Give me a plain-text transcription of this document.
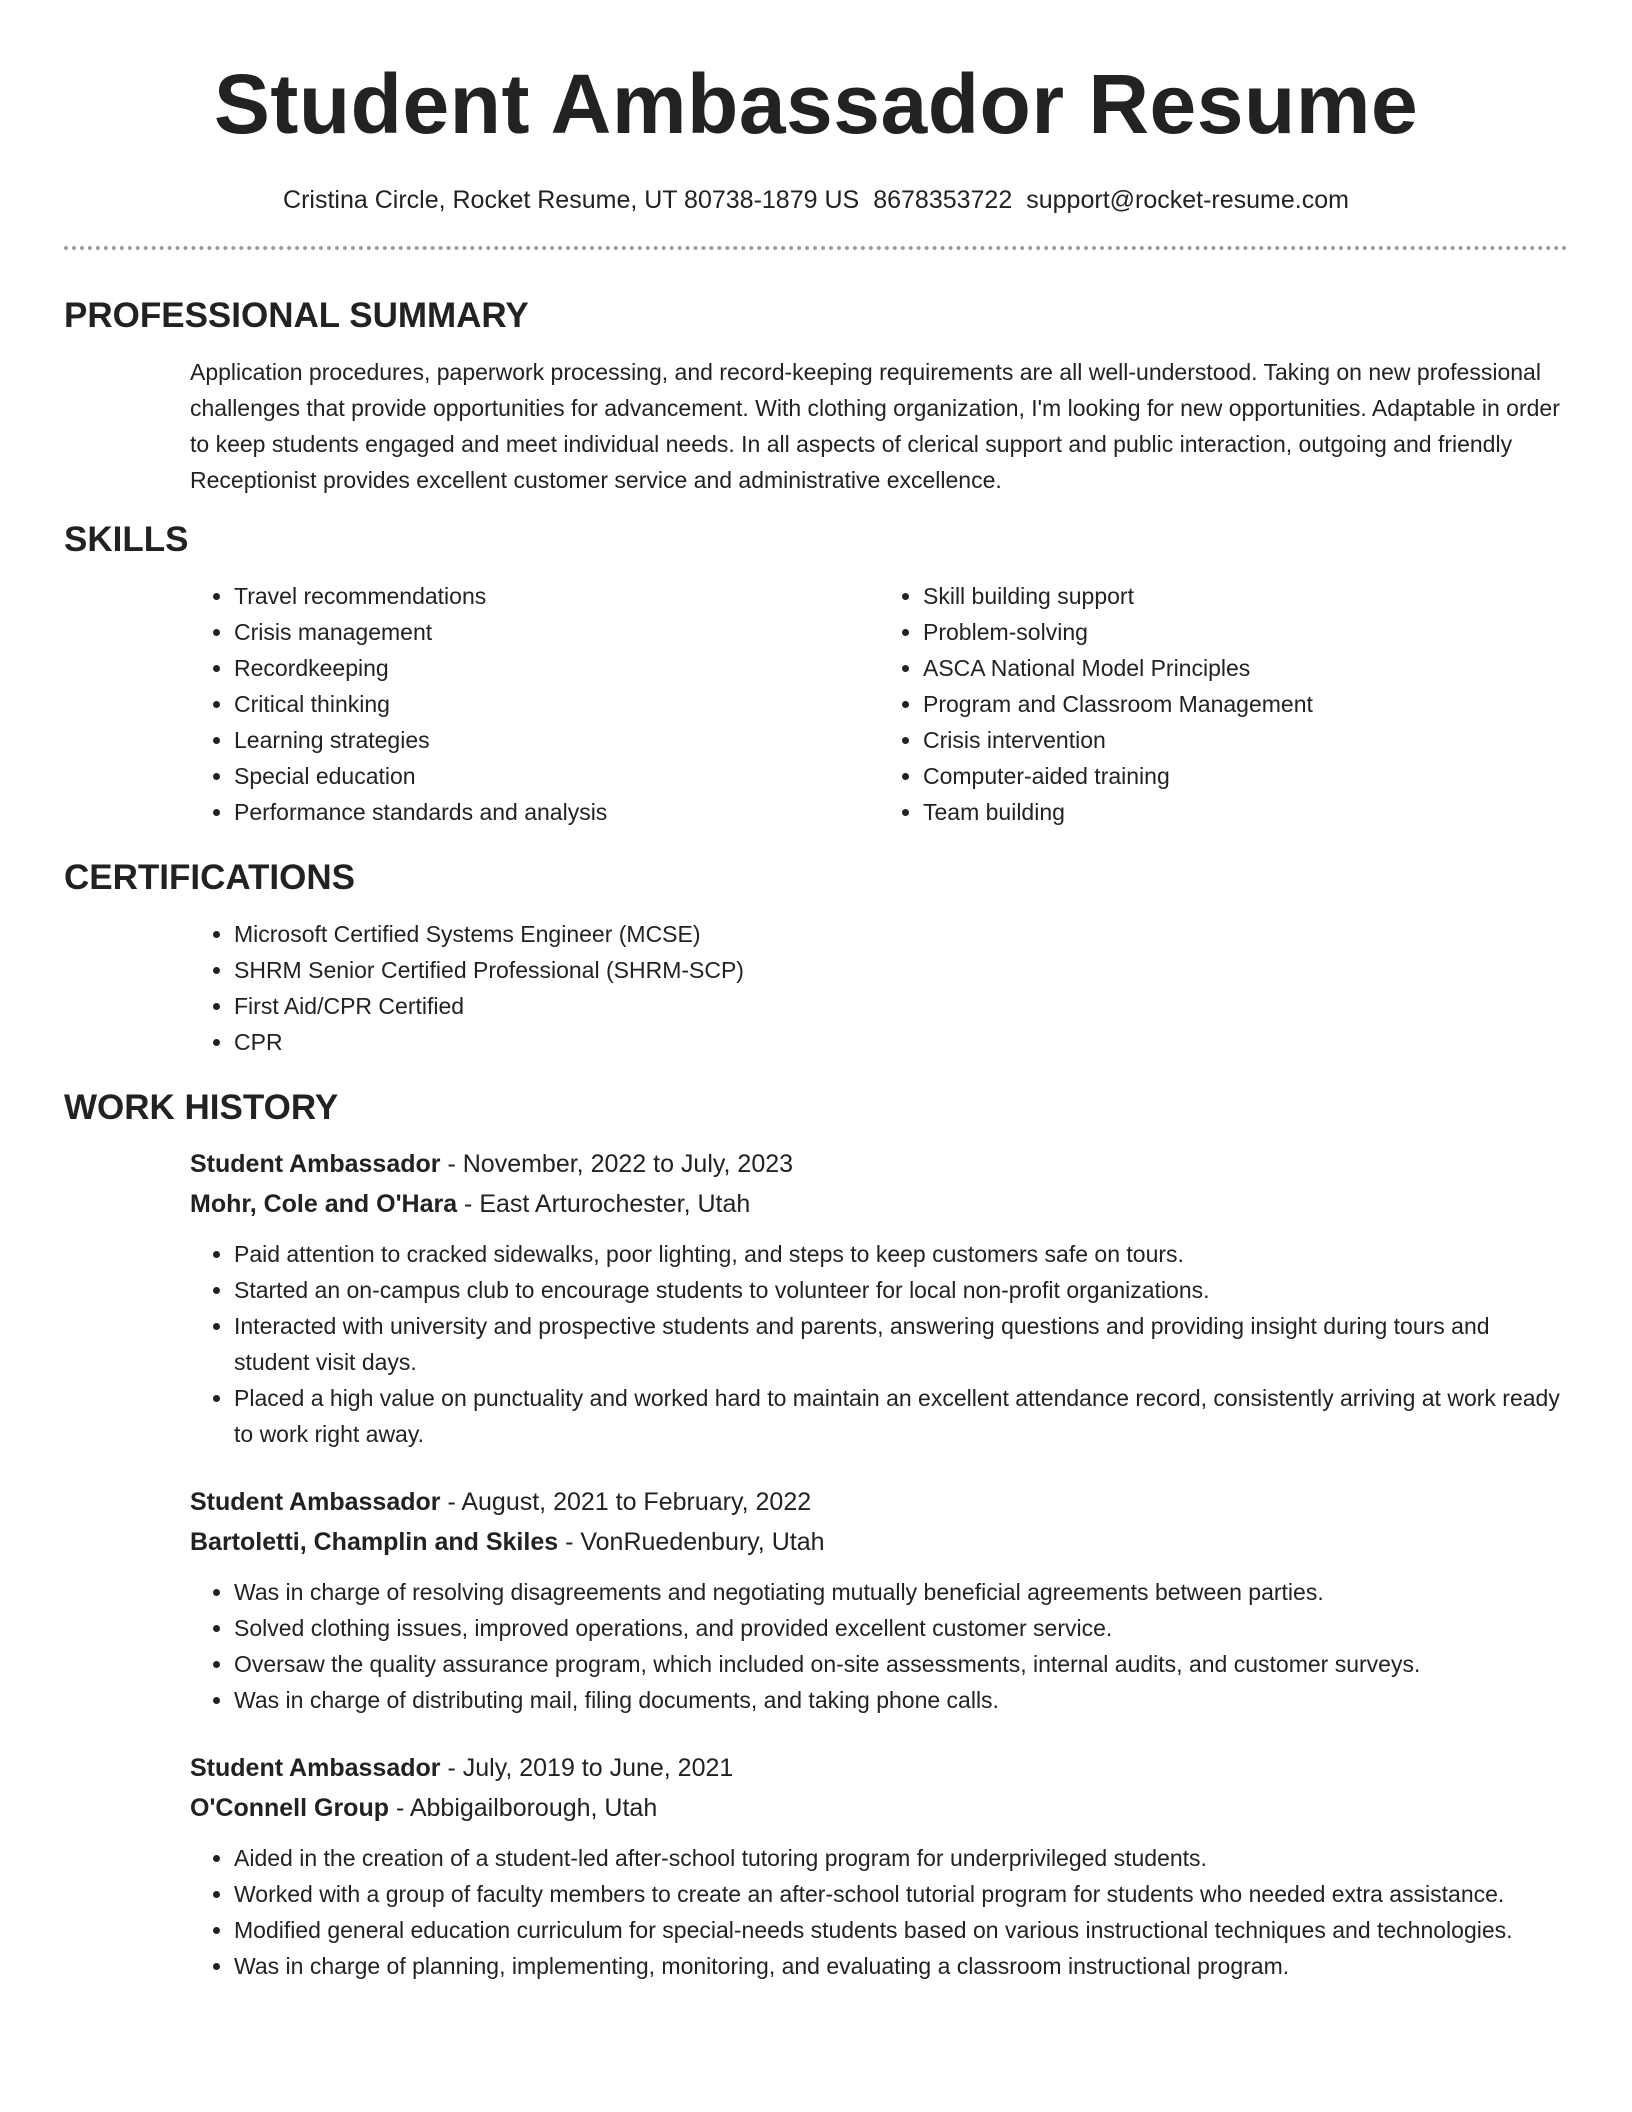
Student Ambassador Resume
Cristina Circle, Rocket Resume, UT 80738-1879 US 8678353722 support@rocket-resume.com
PROFESSIONAL SUMMARY

Application procedures, paperwork processing, and record-keeping requirements are all well-understood. Taking on new professional challenges that provide opportunities for advancement. With clothing organization, I'm looking for new opportunities. Adaptable in order to keep students engaged and meet individual needs. In all aspects of clerical support and public interaction, outgoing and friendly Receptionist provides excellent customer service and administrative excellence.

SKILLS
• Travel recommendations
• Crisis management
• Recordkeeping
• Critical thinking
• Learning strategies
• Special education
• Performance standards and analysis
• Skill building support
• Problem-solving
• ASCA National Model Principles
• Program and Classroom Management
• Crisis intervention
• Computer-aided training
• Team building
CERTIFICATIONS
• Microsoft Certified Systems Engineer (MCSE)
• SHRM Senior Certified Professional (SHRM-SCP)
• First Aid/CPR Certified
• CPR
WORK HISTORY
Student Ambassador - November, 2022 to July, 2023
Mohr, Cole and O'Hara - East Arturochester, Utah
• Paid attention to cracked sidewalks, poor lighting, and steps to keep customers safe on tours.
• Started an on-campus club to encourage students to volunteer for local non-profit organizations.
• Interacted with university and prospective students and parents, answering questions and providing insight during tours and student visit days.
• Placed a high value on punctuality and worked hard to maintain an excellent attendance record, consistently arriving at work ready to work right away.
Student Ambassador - August, 2021 to February, 2022
Bartoletti, Champlin and Skiles - VonRuedenbury, Utah
• Was in charge of resolving disagreements and negotiating mutually beneficial agreements between parties.
• Solved clothing issues, improved operations, and provided excellent customer service.
• Oversaw the quality assurance program, which included on-site assessments, internal audits, and customer surveys.
• Was in charge of distributing mail, filing documents, and taking phone calls.
Student Ambassador - July, 2019 to June, 2021
O'Connell Group - Abbigailborough, Utah
• Aided in the creation of a student-led after-school tutoring program for underprivileged students.
• Worked with a group of faculty members to create an after-school tutorial program for students who needed extra assistance.
• Modified general education curriculum for special-needs students based on various instructional techniques and technologies.
• Was in charge of planning, implementing, monitoring, and evaluating a classroom instructional program.
